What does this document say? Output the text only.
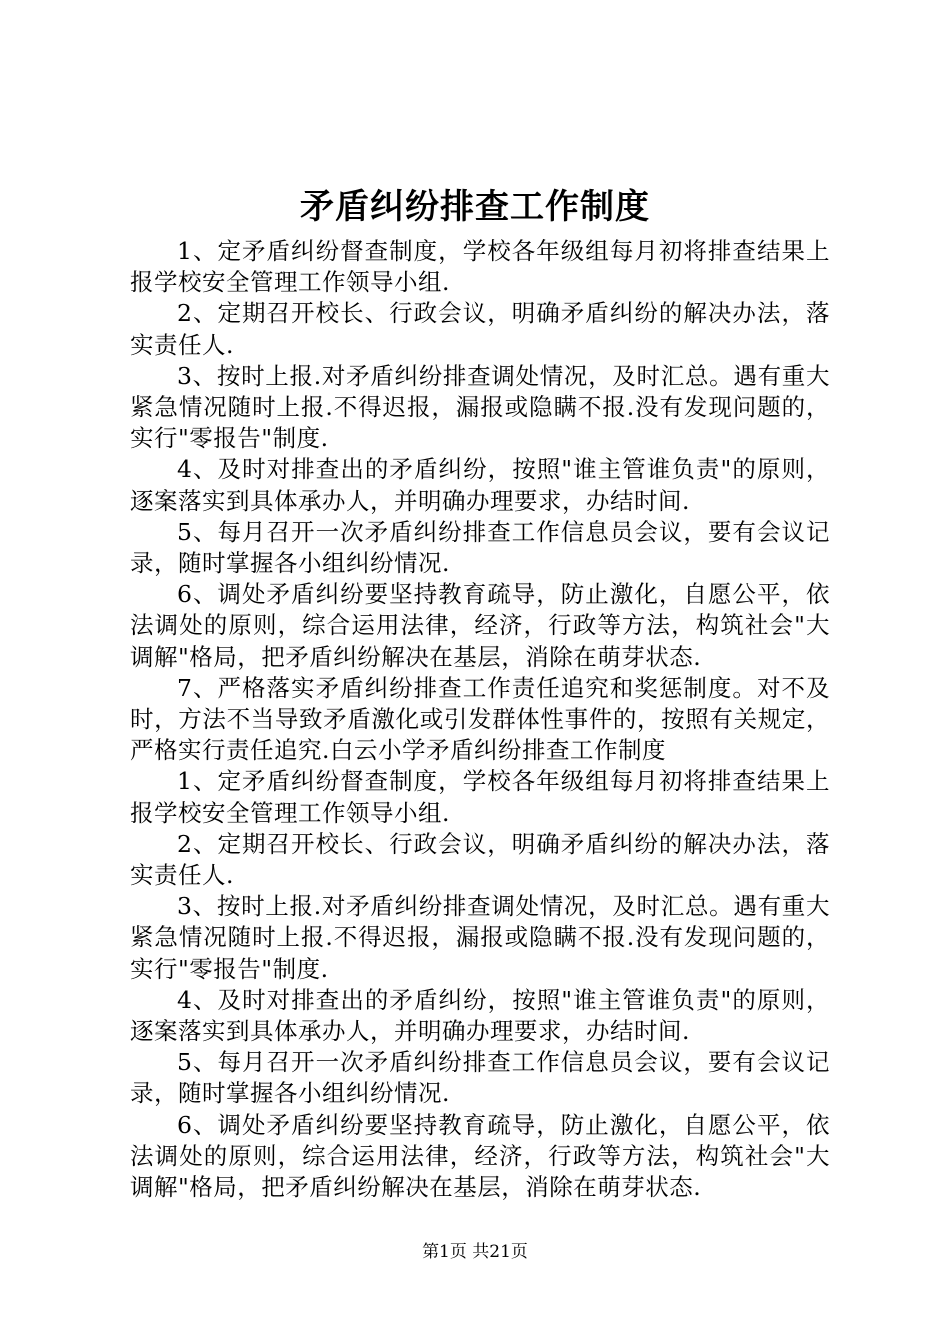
矛盾纠纷排查工作制度

1、定矛盾纠纷督查制度，学校各年级组每月初将排查结果上报学校安全管理工作领导小组.

2、定期召开校长、行政会议，明确矛盾纠纷的解决办法，落实责任人.

3、按时上报.对矛盾纠纷排查调处情况，及时汇总。遇有重大紧急情况随时上报.不得迟报，漏报或隐瞒不报.没有发现问题的，实行"零报告"制度.

4、及时对排查出的矛盾纠纷，按照"谁主管谁负责"的原则，逐案落实到具体承办人，并明确办理要求，办结时间.

5、每月召开一次矛盾纠纷排查工作信息员会议，要有会议记录，随时掌握各小组纠纷情况.

6、调处矛盾纠纷要坚持教育疏导，防止激化，自愿公平，依法调处的原则，综合运用法律，经济，行政等方法，构筑社会"大调解"格局，把矛盾纠纷解决在基层，消除在萌芽状态.

7、严格落实矛盾纠纷排查工作责任追究和奖惩制度。对不及时，方法不当导致矛盾激化或引发群体性事件的，按照有关规定，严格实行责任追究.白云小学矛盾纠纷排查工作制度

1、定矛盾纠纷督查制度，学校各年级组每月初将排查结果上报学校安全管理工作领导小组.

2、定期召开校长、行政会议，明确矛盾纠纷的解决办法，落实责任人.

3、按时上报.对矛盾纠纷排查调处情况，及时汇总。遇有重大紧急情况随时上报.不得迟报，漏报或隐瞒不报.没有发现问题的，实行"零报告"制度.

4、及时对排查出的矛盾纠纷，按照"谁主管谁负责"的原则，逐案落实到具体承办人，并明确办理要求，办结时间.

5、每月召开一次矛盾纠纷排查工作信息员会议，要有会议记录，随时掌握各小组纠纷情况.

6、调处矛盾纠纷要坚持教育疏导，防止激化，自愿公平，依法调处的原则，综合运用法律，经济，行政等方法，构筑社会"大调解"格局，把矛盾纠纷解决在基层，消除在萌芽状态.

第1页 共21页
